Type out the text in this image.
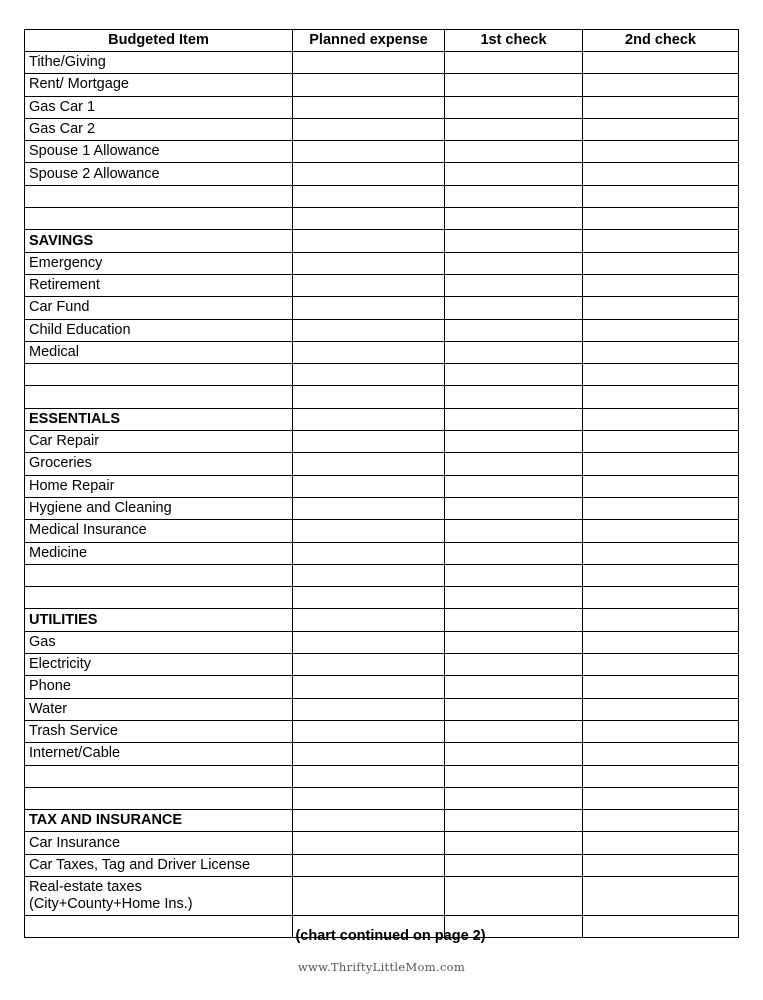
Budgeted Item	Planned expense	1st check	2nd check
Tithe/Giving			
Rent/ Mortgage			
Gas Car 1			
Gas Car 2			
Spouse 1 Allowance			
Spouse 2 Allowance			

SAVINGS			
Emergency			
Retirement			
Car Fund			
Child Education			
Medical			

ESSENTIALS			
Car Repair			
Groceries			
Home Repair			
Hygiene and Cleaning			
Medical Insurance			
Medicine			

UTILITIES			
Gas			
Electricity			
Phone			
Water			
Trash Service			
Internet/Cable			

TAX AND INSURANCE			
Car Insurance			
Car Taxes, Tag and Driver License			

Real-estate taxes
(City+County+Home Ins.)			

(chart continued on page 2)
www.ThriftyLittleMom.com
